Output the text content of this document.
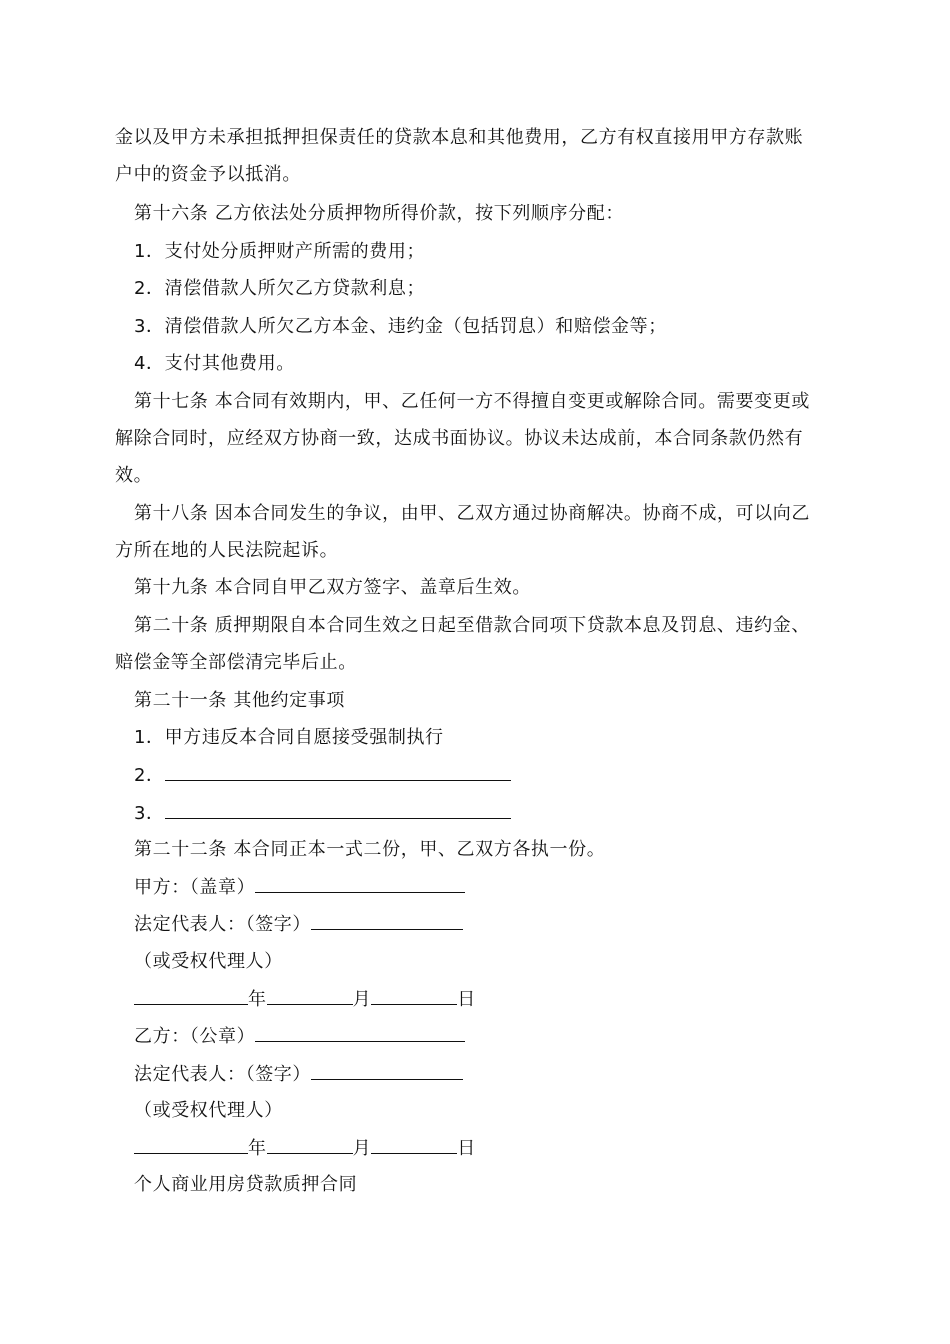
金以及甲方未承担抵押担保责任的贷款本息和其他费用，乙方有权直接用甲方存款账
户中的资金予以抵消。
第十六条 乙方依法处分质押物所得价款，按下列顺序分配：
1．支付处分质押财产所需的费用；
2．清偿借款人所欠乙方贷款利息；
3．清偿借款人所欠乙方本金、违约金（包括罚息）和赔偿金等；
4．支付其他费用。
第十七条 本合同有效期内，甲、乙任何一方不得擅自变更或解除合同。需要变更或
解除合同时，应经双方协商一致，达成书面协议。协议未达成前，本合同条款仍然有
效。
第十八条 因本合同发生的争议，由甲、乙双方通过协商解决。协商不成，可以向乙
方所在地的人民法院起诉。
第十九条 本合同自甲乙双方签字、盖章后生效。
第二十条 质押期限自本合同生效之日起至借款合同项下贷款本息及罚息、违约金、
赔偿金等全部偿清完毕后止。
第二十一条 其他约定事项
1．甲方违反本合同自愿接受强制执行
2．
3．
第二十二条 本合同正本一式二份，甲、乙双方各执一份。
甲方：（盖章）
法定代表人：（签字）
（或受权代理人）
年	月	日
乙方：（公章）
法定代表人：（签字）
（或受权代理人）
年	月	日
个人商业用房贷款质押合同
